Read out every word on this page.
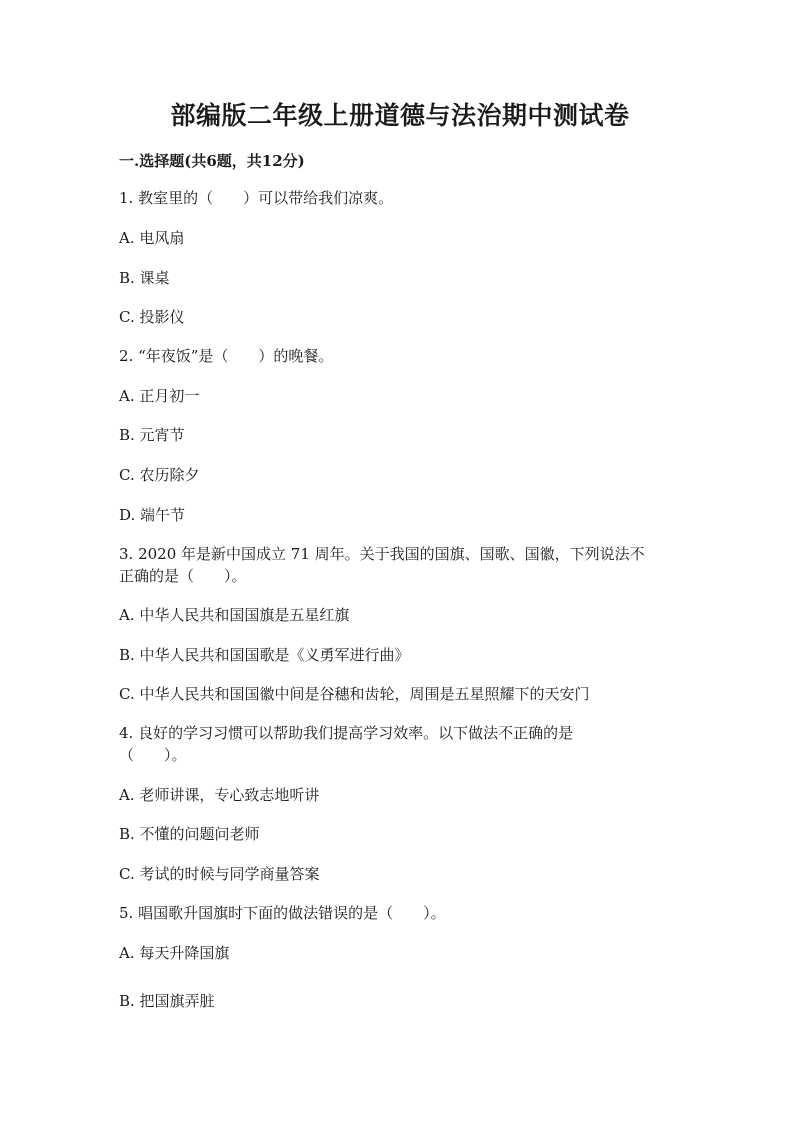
部编版二年级上册道德与法治期中测试卷
一.选择题(共6题，共12分)
1. 教室里的（　　）可以带给我们凉爽。
A. 电风扇
B. 课桌
C. 投影仪
2. “年夜饭”是（　　）的晚餐。
A. 正月初一
B. 元宵节
C. 农历除夕
D. 端午节
3. 2020 年是新中国成立 71 周年。关于我国的国旗、国歌、国徽，下列说法不
正确的是（　　）。
A. 中华人民共和国国旗是五星红旗
B. 中华人民共和国国歌是《义勇军进行曲》
C. 中华人民共和国国徽中间是谷穗和齿轮，周围是五星照耀下的天安门
4. 良好的学习习惯可以帮助我们提高学习效率。以下做法不正确的是
（　　）。
A. 老师讲课，专心致志地听讲
B. 不懂的问题问老师
C. 考试的时候与同学商量答案
5. 唱国歌升国旗时下面的做法错误的是（　　）。
A. 每天升降国旗
B. 把国旗弄脏
